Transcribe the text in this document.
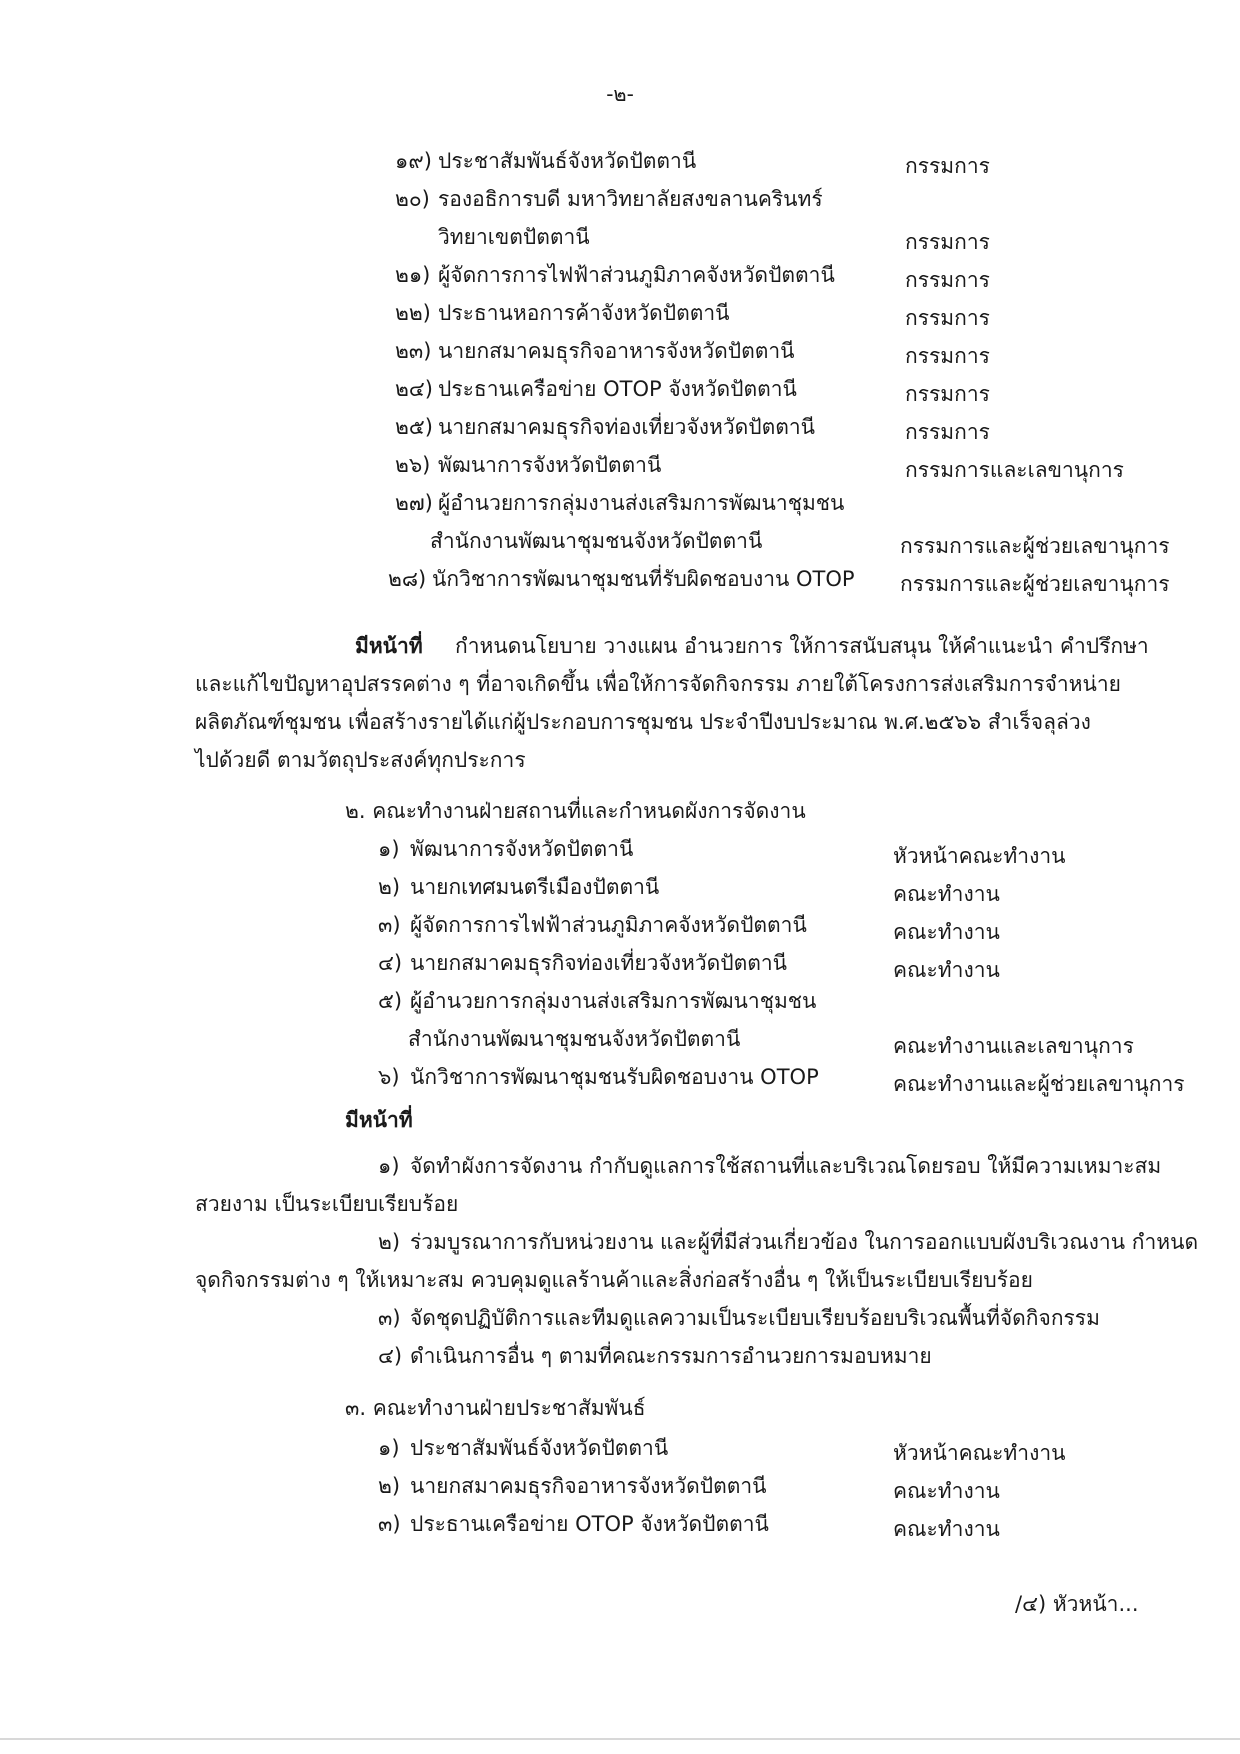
-๒-
๑๙) ประชาสัมพันธ์จังหวัดปัตตานี	กรรมการ
๒๐) รองอธิการบดี มหาวิทยาลัยสงขลานครินทร์
วิทยาเขตปัตตานี	กรรมการ
๒๑) ผู้จัดการการไฟฟ้าส่วนภูมิภาคจังหวัดปัตตานี	กรรมการ
๒๒) ประธานหอการค้าจังหวัดปัตตานี	กรรมการ
๒๓) นายกสมาคมธุรกิจอาหารจังหวัดปัตตานี	กรรมการ
๒๔) ประธานเครือข่าย OTOP จังหวัดปัตตานี	กรรมการ
๒๕) นายกสมาคมธุรกิจท่องเที่ยวจังหวัดปัตตานี	กรรมการ
๒๖) พัฒนาการจังหวัดปัตตานี	กรรมการและเลขานุการ
๒๗) ผู้อำนวยการกลุ่มงานส่งเสริมการพัฒนาชุมชน
สำนักงานพัฒนาชุมชนจังหวัดปัตตานี	กรรมการและผู้ช่วยเลขานุการ
๒๘) นักวิชาการพัฒนาชุมชนที่รับผิดชอบงาน OTOP กรรมการและผู้ช่วยเลขานุการ
มีหน้าที่ กำหนดนโยบาย วางแผน อำนวยการ ให้การสนับสนุน ให้คำแนะนำ คำปรึกษา
และแก้ไขปัญหาอุปสรรคต่าง ๆ ที่อาจเกิดขึ้น เพื่อให้การจัดกิจกรรม ภายใต้โครงการส่งเสริมการจำหน่าย
ผลิตภัณฑ์ชุมชน เพื่อสร้างรายได้แก่ผู้ประกอบการชุมชน ประจำปีงบประมาณ พ.ศ.๒๕๖๖ สำเร็จลุล่วง
ไปด้วยดี ตามวัตถุประสงค์ทุกประการ
๒. คณะทำงานฝ่ายสถานที่และกำหนดผังการจัดงาน
๑) พัฒนาการจังหวัดปัตตานี	หัวหน้าคณะทำงาน
๒) นายกเทศมนตรีเมืองปัตตานี	คณะทำงาน
๓) ผู้จัดการการไฟฟ้าส่วนภูมิภาคจังหวัดปัตตานี	คณะทำงาน
๔) นายกสมาคมธุรกิจท่องเที่ยวจังหวัดปัตตานี	คณะทำงาน
๕) ผู้อำนวยการกลุ่มงานส่งเสริมการพัฒนาชุมชน
สำนักงานพัฒนาชุมชนจังหวัดปัตตานี	คณะทำงานและเลขานุการ
๖) นักวิชาการพัฒนาชุมชนรับผิดชอบงาน OTOP	คณะทำงานและผู้ช่วยเลขานุการ
มีหน้าที่
๑) จัดทำผังการจัดงาน กำกับดูแลการใช้สถานที่และบริเวณโดยรอบ ให้มีความเหมาะสม
สวยงาม เป็นระเบียบเรียบร้อย
๒) ร่วมบูรณาการกับหน่วยงาน และผู้ที่มีส่วนเกี่ยวข้อง ในการออกแบบผังบริเวณงาน กำหนด
จุดกิจกรรมต่าง ๆ ให้เหมาะสม ควบคุมดูแลร้านค้าและสิ่งก่อสร้างอื่น ๆ ให้เป็นระเบียบเรียบร้อย
๓) จัดชุดปฏิบัติการและทีมดูแลความเป็นระเบียบเรียบร้อยบริเวณพื้นที่จัดกิจกรรม
๔) ดำเนินการอื่น ๆ ตามที่คณะกรรมการอำนวยการมอบหมาย
๓. คณะทำงานฝ่ายประชาสัมพันธ์
๑) ประชาสัมพันธ์จังหวัดปัตตานี	หัวหน้าคณะทำงาน
๒) นายกสมาคมธุรกิจอาหารจังหวัดปัตตานี	คณะทำงาน
๓) ประธานเครือข่าย OTOP จังหวัดปัตตานี	คณะทำงาน
/๔) หัวหน้า...
